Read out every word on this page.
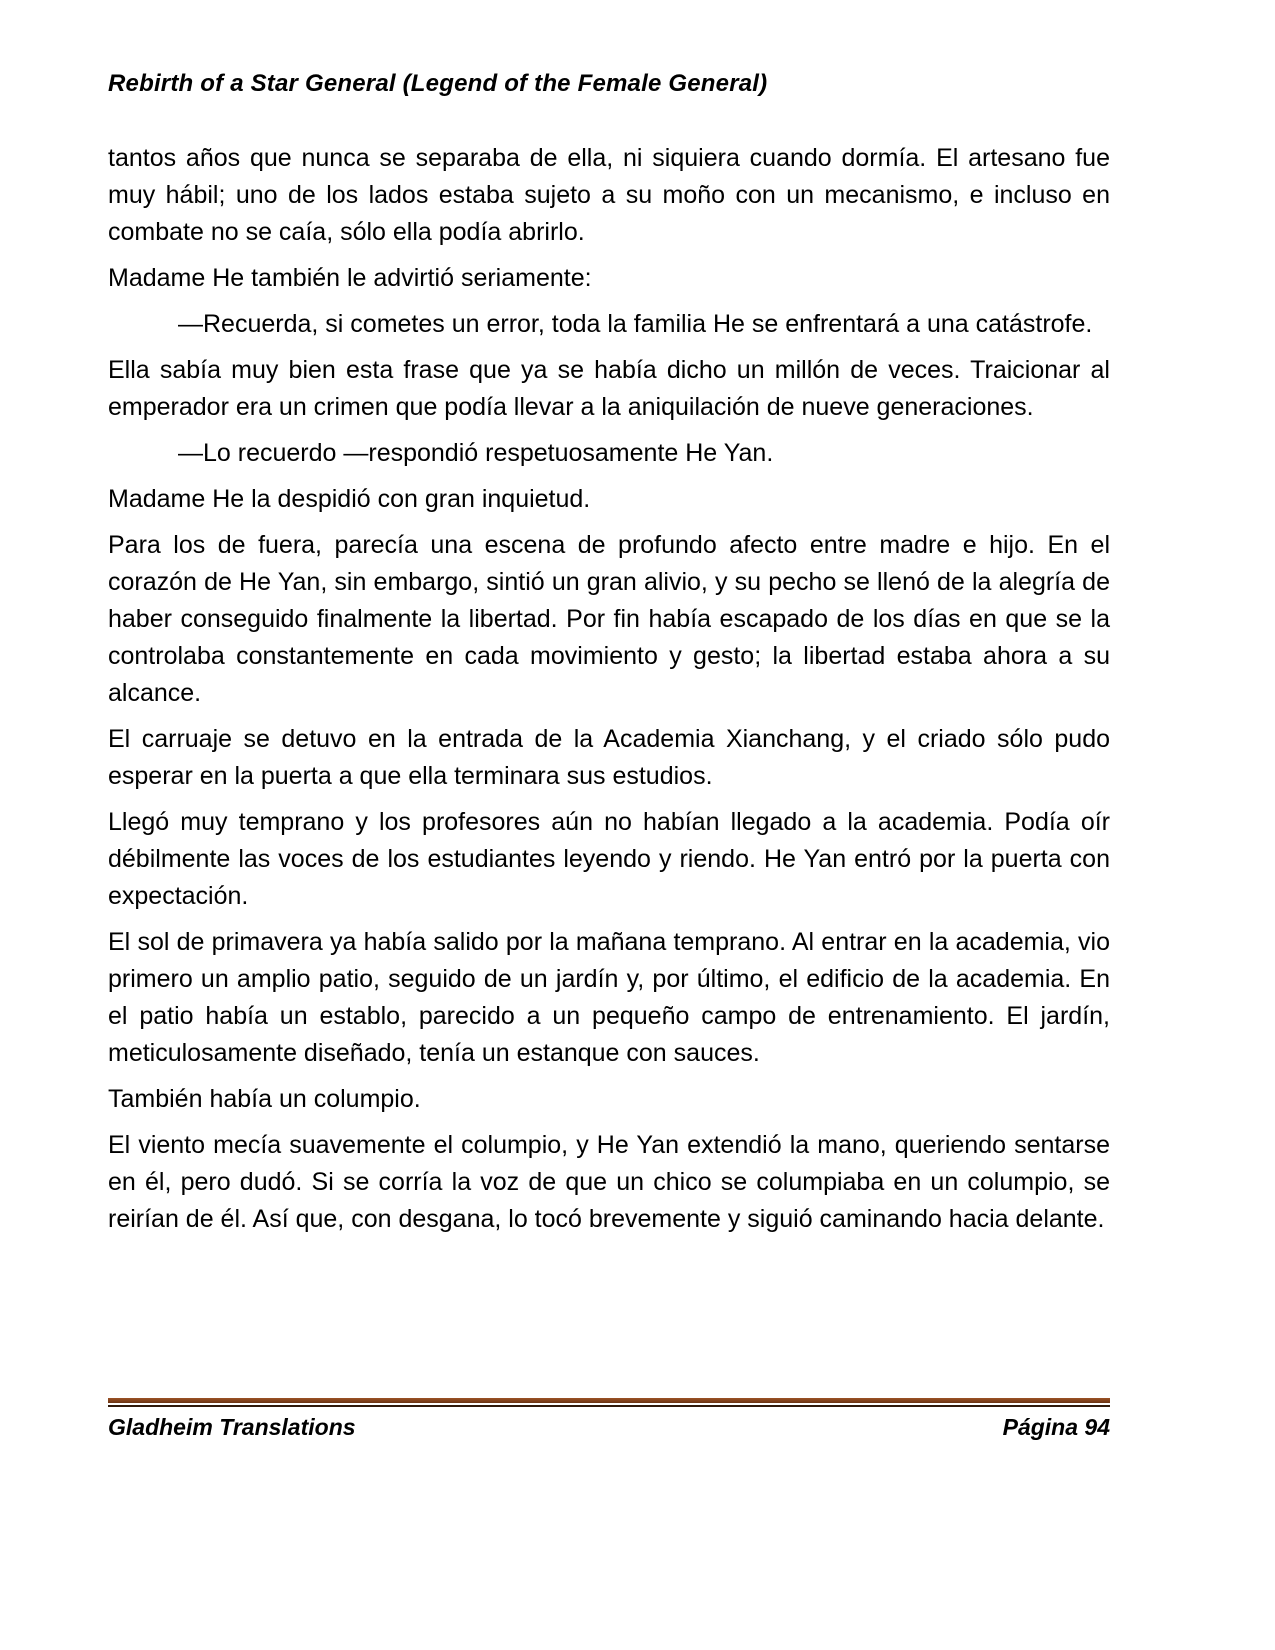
Rebirth of a Star General (Legend of the Female General)

tantos años que nunca se separaba de ella, ni siquiera cuando dormía. El artesano fue muy hábil; uno de los lados estaba sujeto a su moño con un mecanismo, e incluso en combate no se caía, sólo ella podía abrirlo.

Madame He también le advirtió seriamente:

—Recuerda, si cometes un error, toda la familia He se enfrentará a una catástrofe.

Ella sabía muy bien esta frase que ya se había dicho un millón de veces. Traicionar al emperador era un crimen que podía llevar a la aniquilación de nueve generaciones.

—Lo recuerdo —respondió respetuosamente He Yan.

Madame He la despidió con gran inquietud.

Para los de fuera, parecía una escena de profundo afecto entre madre e hijo. En el corazón de He Yan, sin embargo, sintió un gran alivio, y su pecho se llenó de la alegría de haber conseguido finalmente la libertad. Por fin había escapado de los días en que se la controlaba constantemente en cada movimiento y gesto; la libertad estaba ahora a su alcance.

El carruaje se detuvo en la entrada de la Academia Xianchang, y el criado sólo pudo esperar en la puerta a que ella terminara sus estudios.

Llegó muy temprano y los profesores aún no habían llegado a la academia. Podía oír débilmente las voces de los estudiantes leyendo y riendo. He Yan entró por la puerta con expectación.

El sol de primavera ya había salido por la mañana temprano. Al entrar en la academia, vio primero un amplio patio, seguido de un jardín y, por último, el edificio de la academia. En el patio había un establo, parecido a un pequeño campo de entrenamiento. El jardín, meticulosamente diseñado, tenía un estanque con sauces.

También había un columpio.

El viento mecía suavemente el columpio, y He Yan extendió la mano, queriendo sentarse en él, pero dudó. Si se corría la voz de que un chico se columpiaba en un columpio, se reirían de él. Así que, con desgana, lo tocó brevemente y siguió caminando hacia delante.

Gladheim Translations	Página 94
